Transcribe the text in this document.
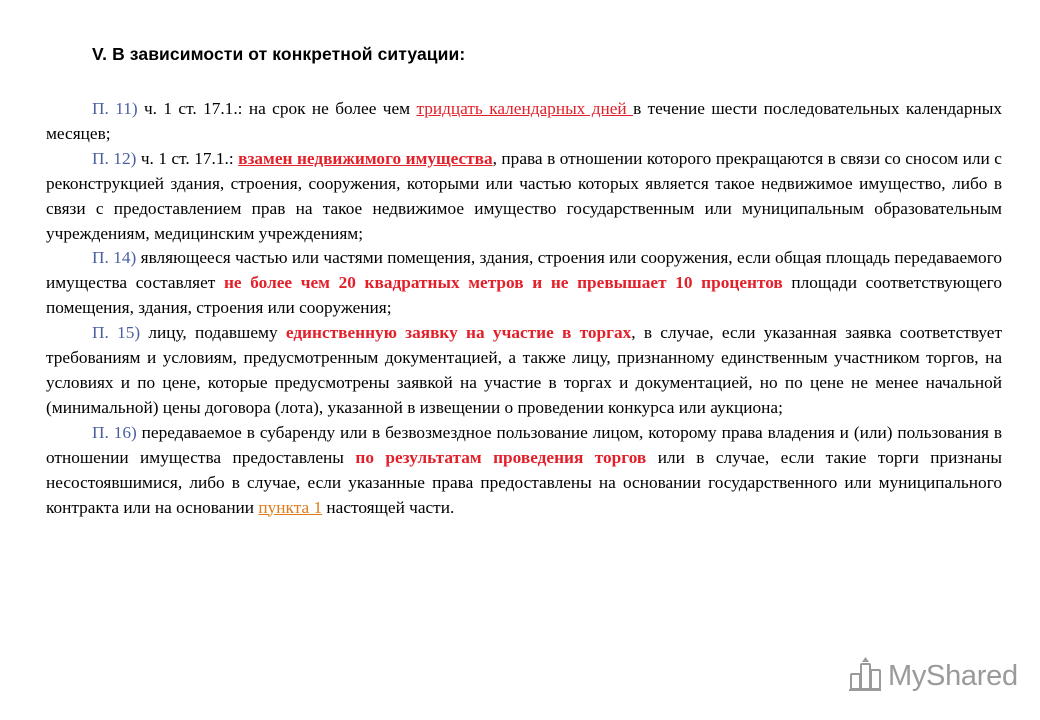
V. В зависимости от конкретной ситуации:

П. 11) ч. 1 ст. 17.1.: на срок не более чем тридцать календарных дней в течение шести последовательных календарных месяцев;

П. 12) ч. 1 ст. 17.1.: взамен недвижимого имущества, права в отношении которого прекращаются в связи со сносом или с реконструкцией здания, строения, сооружения, которыми или частью которых является такое недвижимое имущество, либо в связи с предоставлением прав на такое недвижимое имущество государственным или муниципальным образовательным учреждениям, медицинским учреждениям;

П. 14) являющееся частью или частями помещения, здания, строения или сооружения, если общая площадь передаваемого имущества составляет не более чем 20 квадратных метров и не превышает 10 процентов площади соответствующего помещения, здания, строения или сооружения;

П. 15) лицу, подавшему единственную заявку на участие в торгах, в случае, если указанная заявка соответствует требованиям и условиям, предусмотренным документацией, а также лицу, признанному единственным участником торгов, на условиях и по цене, которые предусмотрены заявкой на участие в торгах и документацией, но по цене не менее начальной (минимальной) цены договора (лота), указанной в извещении о проведении конкурса или аукциона;

П. 16) передаваемое в субаренду или в безвозмездное пользование лицом, которому права владения и (или) пользования в отношении имущества предоставлены по результатам проведения торгов или в случае, если такие торги признаны несостоявшимися, либо в случае, если указанные права предоставлены на основании государственного или муниципального контракта или на основании пункта 1 настоящей части.

MyShared
